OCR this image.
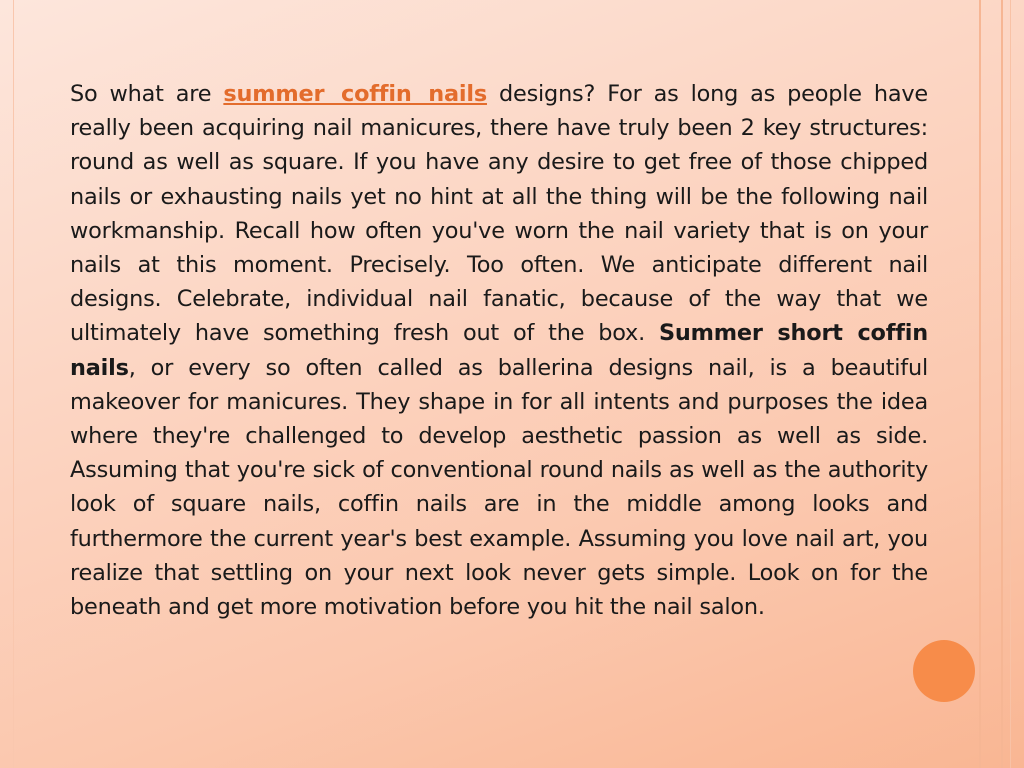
So what are summer coffin nails designs? For as long as people have really been acquiring nail manicures, there have truly been 2 key structures: round as well as square. If you have any desire to get free of those chipped nails or exhausting nails yet no hint at all the thing will be the following nail workmanship. Recall how often you've worn the nail variety that is on your nails at this moment. Precisely. Too often. We anticipate different nail designs. Celebrate, individual nail fanatic, because of the way that we ultimately have something fresh out of the box. Summer short coffin nails, or every so often called as ballerina designs nail, is a beautiful makeover for manicures. They shape in for all intents and purposes the idea where they're challenged to develop aesthetic passion as well as side. Assuming that you're sick of conventional round nails as well as the authority look of square nails, coffin nails are in the middle among looks and furthermore the current year's best example. Assuming you love nail art, you realize that settling on your next look never gets simple. Look on for the beneath and get more motivation before you hit the nail salon.
